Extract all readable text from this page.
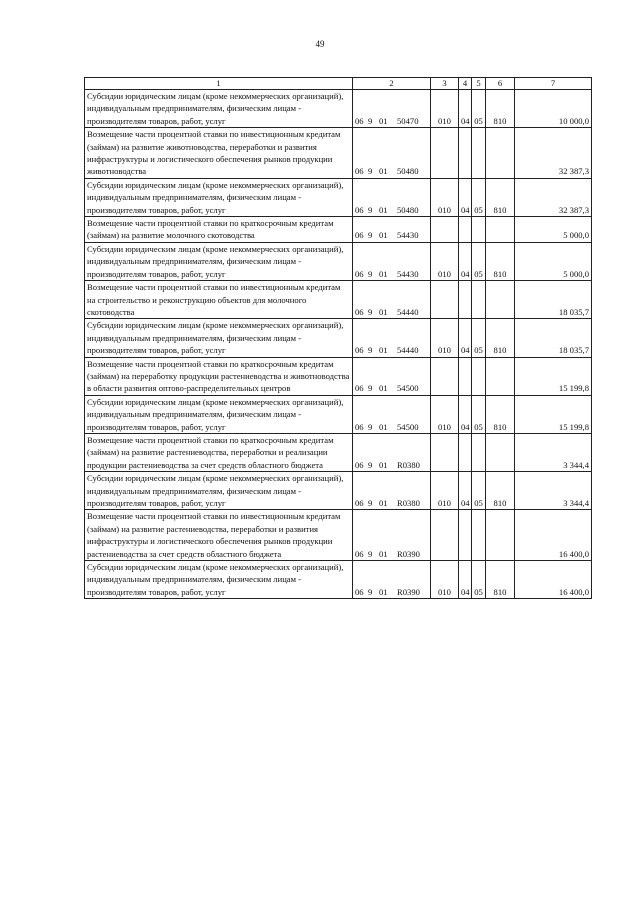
49
1	2	3	4	5	6	7
Субсидии юридическим лицам (кроме некоммерческих организаций), индивидуальным предпринимателям, физическим лицам - производителям товаров, работ, услуг	06 9 01 50470	010	04	05	810	10 000,0
Возмещение части процентной ставки по инвестиционным кредитам (займам) на развитие животноводства, переработки и развития инфраструктуры и логистического обеспечения рынков продукции животноводства	06 9 01 50480					32 387,3
Субсидии юридическим лицам (кроме некоммерческих организаций), индивидуальным предпринимателям, физическим лицам - производителям товаров, работ, услуг	06 9 01 50480	010	04	05	810	32 387,3
Возмещение части процентной ставки по краткосрочным кредитам (займам) на развитие молочного скотоводства	06 9 01 54430					5 000,0
Субсидии юридическим лицам (кроме некоммерческих организаций), индивидуальным предпринимателям, физическим лицам - производителям товаров, работ, услуг	06 9 01 54430	010	04	05	810	5 000,0
Возмещение части процентной ставки по инвестиционным кредитам на строительство и реконструкцию объектов для молочного скотоводства	06 9 01 54440					18 035,7
Субсидии юридическим лицам (кроме некоммерческих организаций), индивидуальным предпринимателям, физическим лицам - производителям товаров, работ, услуг	06 9 01 54440	010	04	05	810	18 035,7
Возмещение части процентной ставки по краткосрочным кредитам (займам) на переработку продукции растениеводства и животноводства в области развития оптово-распределительных центров	06 9 01 54500					15 199,8
Субсидии юридическим лицам (кроме некоммерческих организаций), индивидуальным предпринимателям, физическим лицам - производителям товаров, работ, услуг	06 9 01 54500	010	04	05	810	15 199,8
Возмещение части процентной ставки по краткосрочным кредитам (займам) на развитие растениеводства, переработки и реализации продукции растениеводства за счет средств областного бюджета	06 9 01 R0380					3 344,4
Субсидии юридическим лицам (кроме некоммерческих организаций), индивидуальным предпринимателям, физическим лицам - производителям товаров, работ, услуг	06 9 01 R0380	010	04	05	810	3 344,4
Возмещение части процентной ставки по инвестиционным кредитам (займам) на развитие растениеводства, переработки и развития инфраструктуры и логистического обеспечения рынков продукции растениеводства за счет средств областного бюджета	06 9 01 R0390					16 400,0
Субсидии юридическим лицам (кроме некоммерческих организаций), индивидуальным предпринимателям, физическим лицам - производителям товаров, работ, услуг	06 9 01 R0390	010	04	05	810	16 400,0
